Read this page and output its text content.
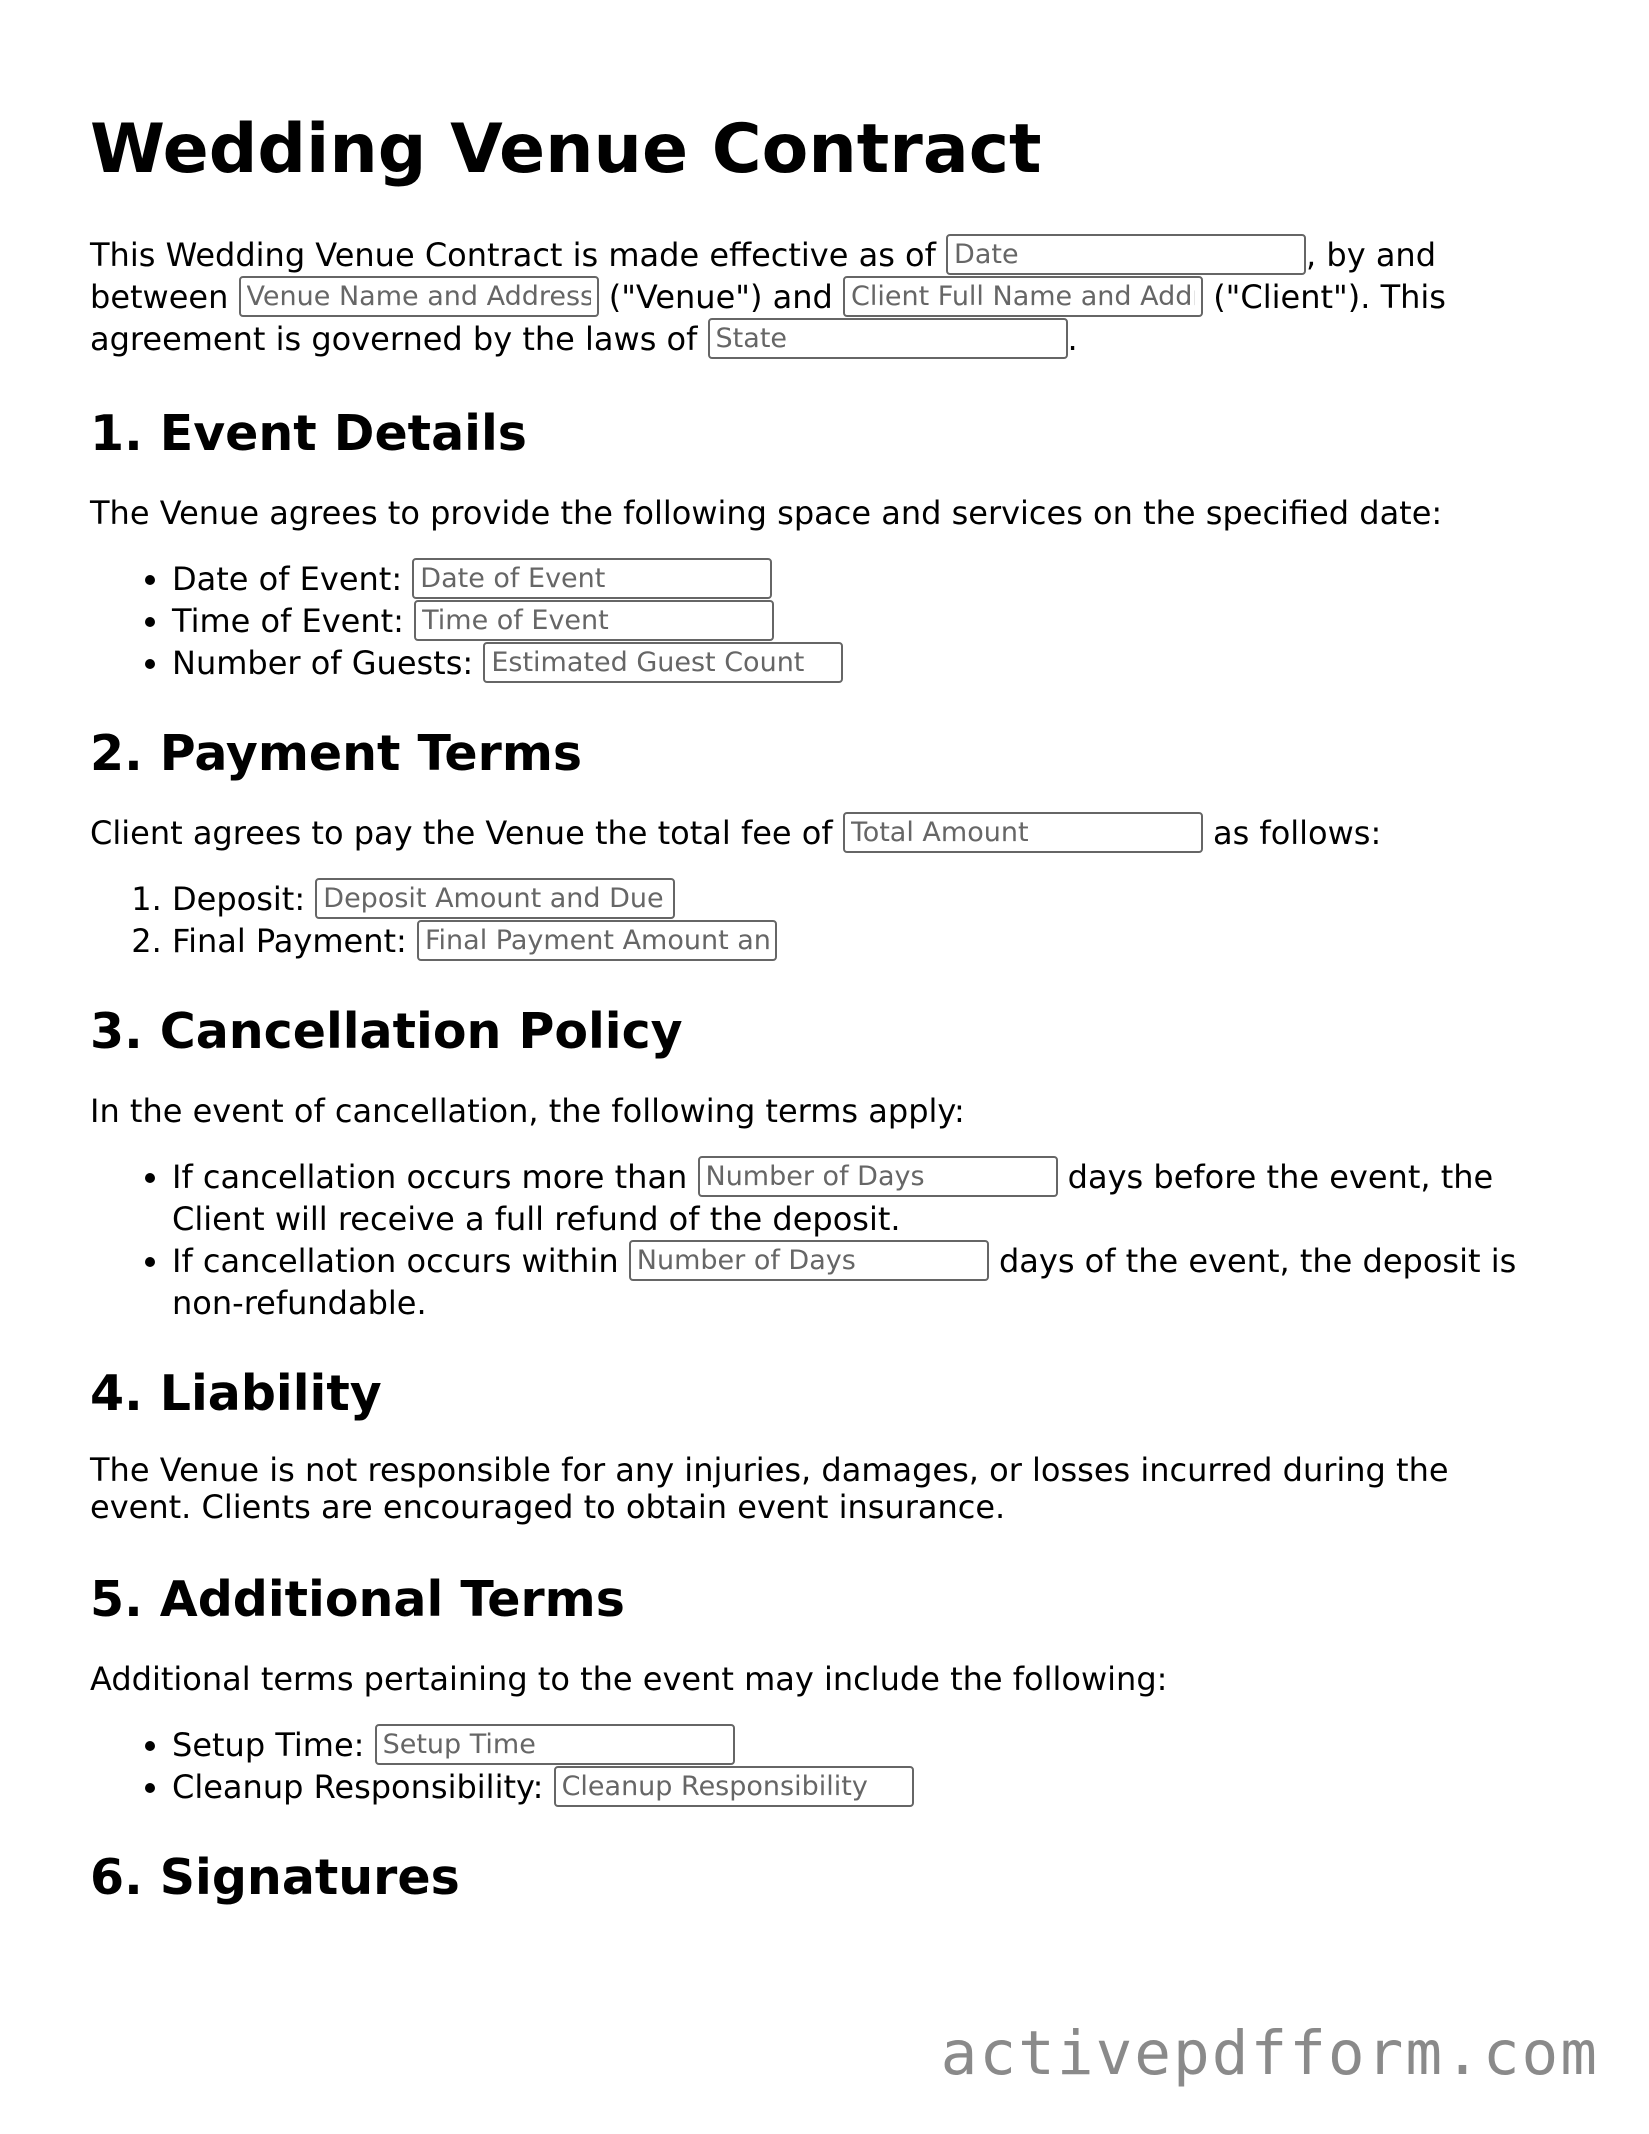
Wedding Venue Contract

This Wedding Venue Contract is made effective as of Date	, by and between Venue Name and Address	("Venue") and Client Full Name and Address	("Client"). This agreement is governed by the laws of State	.

1. Event Details

The Venue agrees to provide the following space and services on the specified date:

• Date of Event: Date of Event
• Time of Event: Time of Event
• Number of Guests: Estimated Guest Count
2. Payment Terms

Client agrees to pay the Venue the total fee of Total Amount	as follows:

1. Deposit: Deposit Amount and Due Date
2. Final Payment: Final Payment Amount and Due Date
3. Cancellation Policy

In the event of cancellation, the following terms apply:

• If cancellation occurs more than Number of Days	days before the event, the Client will receive a full refund of the deposit.
• If cancellation occurs within Number of Days	days of the event, the deposit is non-refundable.
4. Liability

The Venue is not responsible for any injuries, damages, or losses incurred during the event. Clients are encouraged to obtain event insurance.

5. Additional Terms

Additional terms pertaining to the event may include the following:

• Setup Time: Setup Time
• Cleanup Responsibility: Cleanup Responsibility
6. Signatures
activepdfform.com
